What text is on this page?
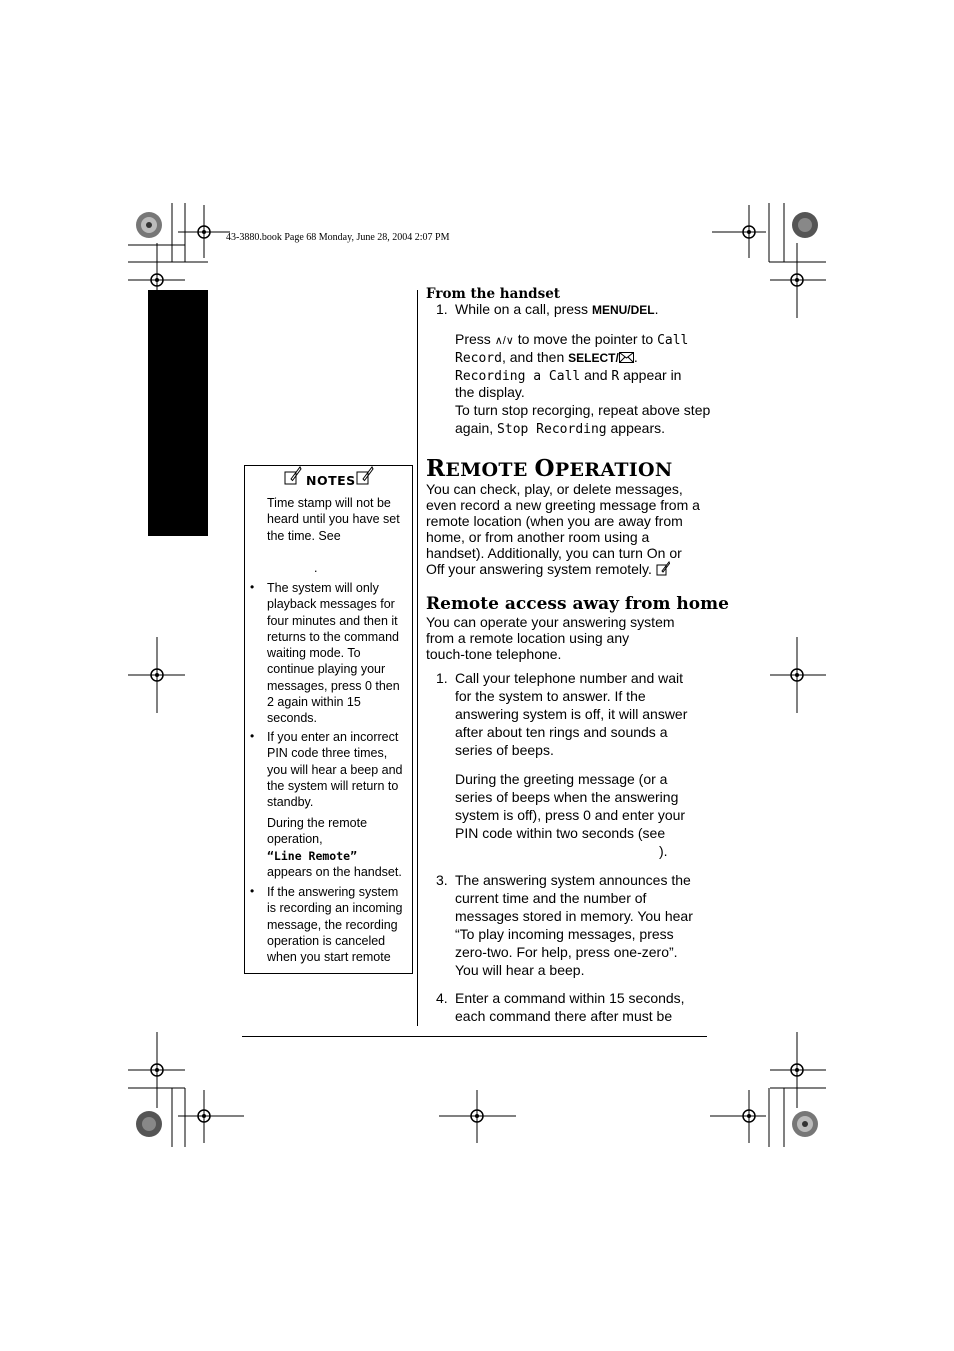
43-3880.book Page 68 Monday, June 28, 2004 2:07 PM
From the handset
1. While on a call, press MENU/DEL.
Press ∧/∨ to move the pointer to Call
Record, and then SELECT/ .
Recording a Call and R appear in
the display.
To turn stop recorging, repeat above step
again, Stop Recording appears.
REMOTE OPERATION
You can check, play, or delete messages,
even record a new greeting message from a
remote location (when you are away from
home, or from another room using a
handset). Additionally, you can turn On or
Off your answering system remotely.
Remote access away from home
You can operate your answering system
from a remote location using any
touch-tone telephone.
1. Call your telephone number and wait
for the system to answer. If the
answering system is off, it will answer
after about ten rings and sounds a
series of beeps.
During the greeting message (or a
series of beeps when the answering
system is off), press 0 and enter your
PIN code within two seconds (see
).
3. The answering system announces the
current time and the number of
messages stored in memory. You hear
“To play incoming messages, press
zero-two. For help, press one-zero”.
You will hear a beep.
4. Enter a command within 15 seconds,
each command there after must be
NOTES
Time stamp will not be
heard until you have set
the time. See
.
• The system will only
playback messages for
four minutes and then it
returns to the command
waiting mode. To
continue playing your
messages, press 0 then
2 again within 15
seconds.
• If you enter an incorrect
PIN code three times,
you will hear a beep and
the system will return to
standby.
During the remote
operation,
“Line Remote”
appears on the handset.
• If the answering system
is recording an incoming
message, the recording
operation is canceled
when you start remote
